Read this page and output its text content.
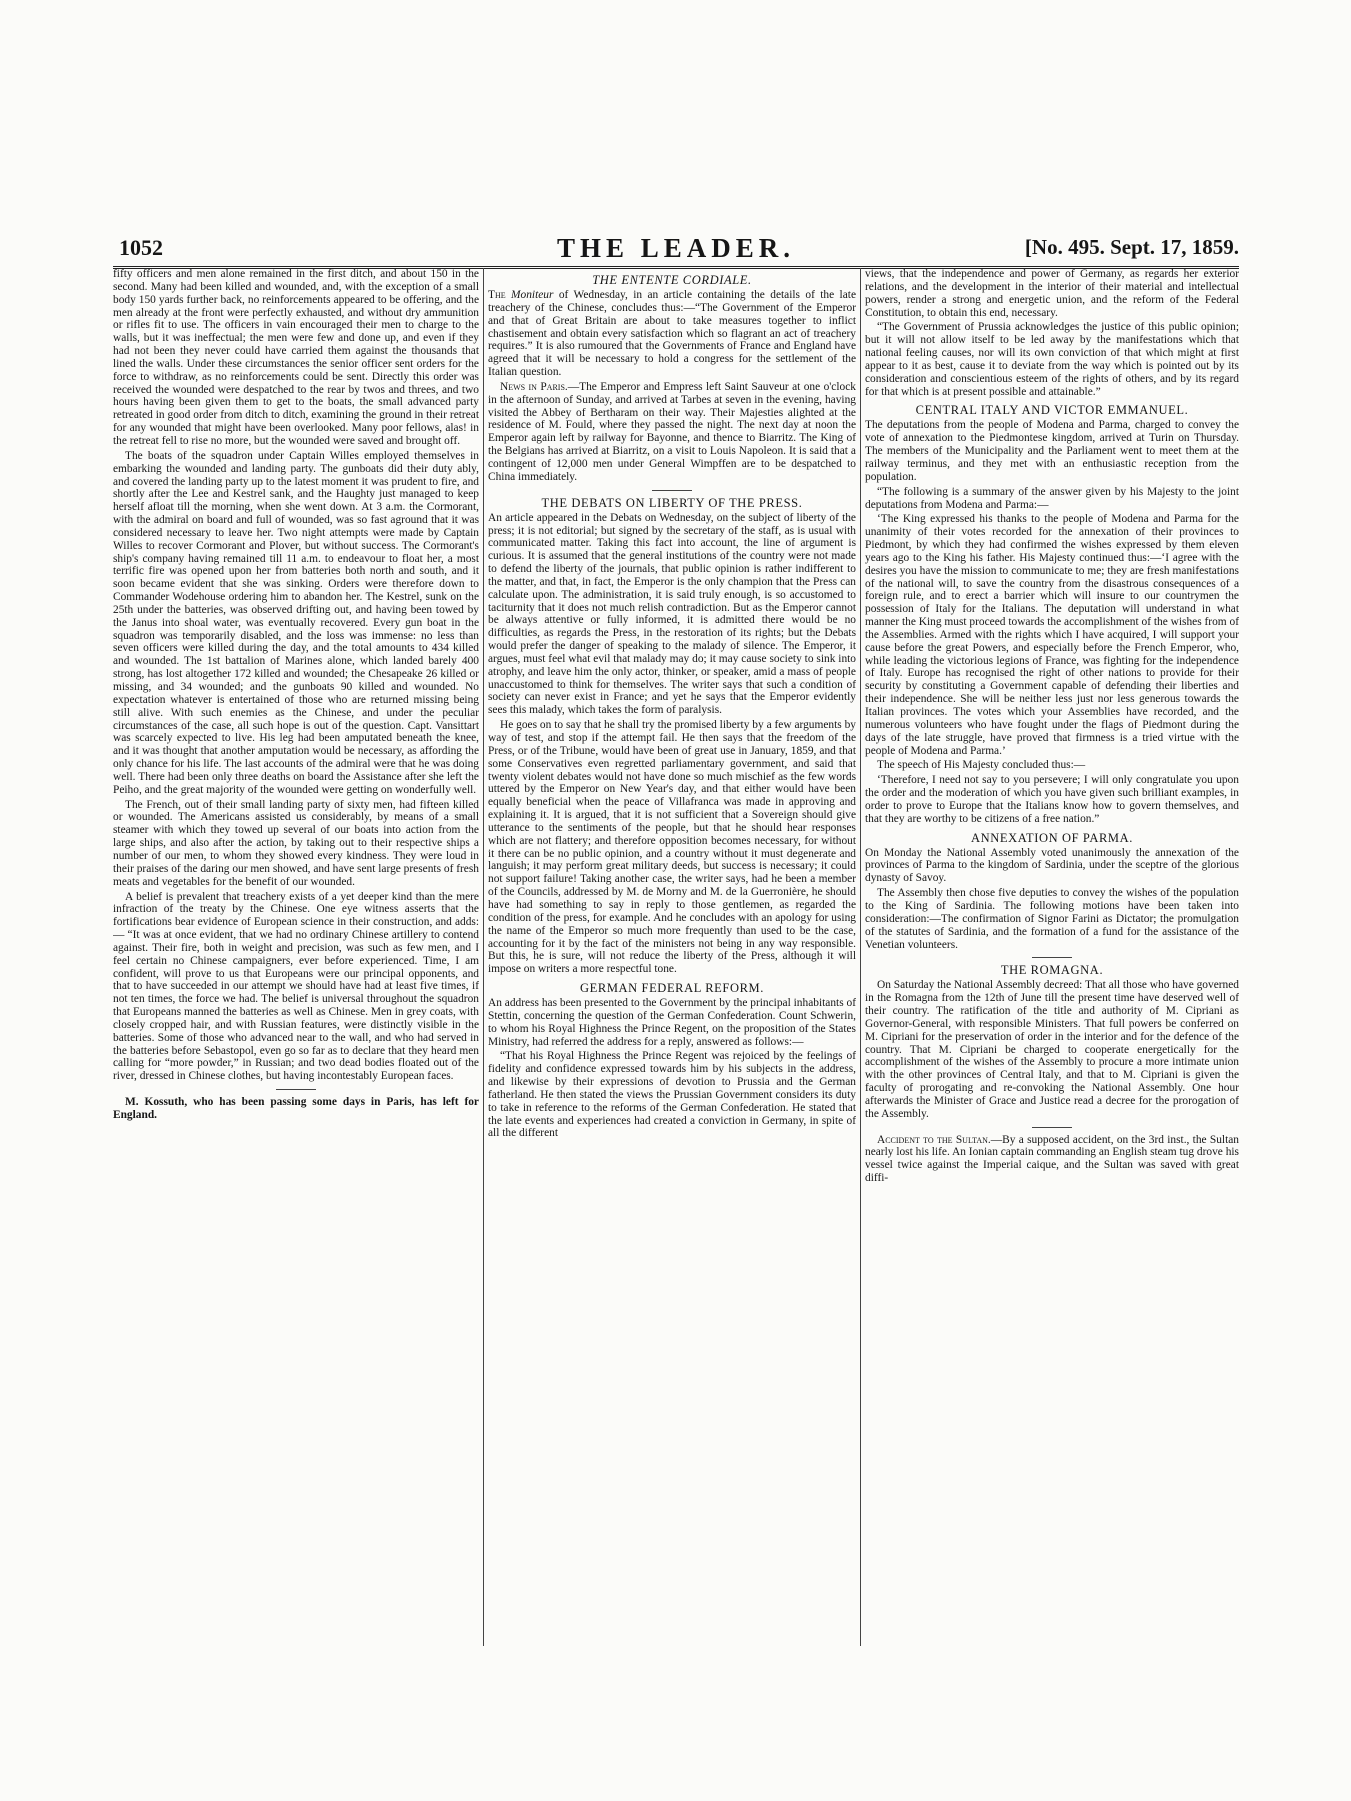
1052	THE LEADER.	[No. 495. Sept. 17, 1859.

fifty officers and men alone remained in the first ditch, and about 150 in the second. Many had been killed and wounded, and, with the exception of a small body 150 yards further back, no reinforcements appeared to be offering, and the men already at the front were perfectly exhausted, and without dry ammunition or rifles fit to use. The officers in vain encouraged their men to charge to the walls, but it was ineffectual; the men were few and done up, and even if they had not been they never could have carried them against the thousands that lined the walls. Under these circumstances the senior officer sent orders for the force to withdraw, as no reinforcements could be sent. Directly this order was received the wounded were despatched to the rear by twos and threes, and two hours having been given them to get to the boats, the small advanced party retreated in good order from ditch to ditch, examining the ground in their retreat for any wounded that might have been overlooked. Many poor fellows, alas! in the retreat fell to rise no more, but the wounded were saved and brought off.

The boats of the squadron under Captain Willes employed themselves in embarking the wounded and landing party. The gunboats did their duty ably, and covered the landing party up to the latest moment it was prudent to fire, and shortly after the Lee and Kestrel sank, and the Haughty just managed to keep herself afloat till the morning, when she went down. At 3 a.m. the Cormorant, with the admiral on board and full of wounded, was so fast aground that it was considered necessary to leave her. Two night attempts were made by Captain Willes to recover Cormorant and Plover, but without success. The Cormorant's ship's company having remained till 11 a.m. to endeavour to float her, a most terrific fire was opened upon her from batteries both north and south, and it soon became evident that she was sinking. Orders were therefore down to Commander Wodehouse ordering him to abandon her. The Kestrel, sunk on the 25th under the batteries, was observed drifting out, and having been towed by the Janus into shoal water, was eventually recovered. Every gun boat in the squadron was temporarily disabled, and the loss was immense: no less than seven officers were killed during the day, and the total amounts to 434 killed and wounded. The 1st battalion of Marines alone, which landed barely 400 strong, has lost altogether 172 killed and wounded; the Chesapeake 26 killed or missing, and 34 wounded; and the gunboats 90 killed and wounded. No expectation whatever is entertained of those who are returned missing being still alive. With such enemies as the Chinese, and under the peculiar circumstances of the case, all such hope is out of the question. Capt. Vansittart was scarcely expected to live. His leg had been amputated beneath the knee, and it was thought that another amputation would be necessary, as affording the only chance for his life. The last accounts of the admiral were that he was doing well. There had been only three deaths on board the Assistance after she left the Peiho, and the great majority of the wounded were getting on wonderfully well.

The French, out of their small landing party of sixty men, had fifteen killed or wounded. The Americans assisted us considerably, by means of a small steamer with which they towed up several of our boats into action from the large ships, and also after the action, by taking out to their respective ships a number of our men, to whom they showed every kindness. They were loud in their praises of the daring our men showed, and have sent large presents of fresh meats and vegetables for the benefit of our wounded.

A belief is prevalent that treachery exists of a yet deeper kind than the mere infraction of the treaty by the Chinese. One eye witness asserts that the fortifications bear evidence of European science in their construction, and adds:— “It was at once evident, that we had no ordinary Chinese artillery to contend against. Their fire, both in weight and precision, was such as few men, and I feel certain no Chinese campaigners, ever before experienced. Time, I am confident, will prove to us that Europeans were our principal opponents, and that to have succeeded in our attempt we should have had at least five times, if not ten times, the force we had. The belief is universal throughout the squadron that Europeans manned the batteries as well as Chinese. Men in grey coats, with closely cropped hair, and with Russian features, were distinctly visible in the batteries. Some of those who advanced near to the wall, and who had served in the batteries before Sebastopol, even go so far as to declare that they heard men calling for “more powder,” in Russian; and two dead bodies floated out of the river, dressed in Chinese clothes, but having incontestably European faces.

M. Kossuth, who has been passing some days in Paris, has left for England.

THE ENTENTE CORDIALE.

The Moniteur of Wednesday, in an article containing the details of the late treachery of the Chinese, concludes thus:—“The Government of the Emperor and that of Great Britain are about to take measures together to inflict chastisement and obtain every satisfaction which so flagrant an act of treachery requires.” It is also rumoured that the Governments of France and England have agreed that it will be necessary to hold a congress for the settlement of the Italian question.

News in Paris.—The Emperor and Empress left Saint Sauveur at one o'clock in the afternoon of Sunday, and arrived at Tarbes at seven in the evening, having visited the Abbey of Bertharam on their way. Their Majesties alighted at the residence of M. Fould, where they passed the night. The next day at noon the Emperor again left by railway for Bayonne, and thence to Biarritz. The King of the Belgians has arrived at Biarritz, on a visit to Louis Napoleon. It is said that a contingent of 12,000 men under General Wimpffen are to be despatched to China immediately.

THE DEBATS ON LIBERTY OF THE PRESS.

An article appeared in the Debats on Wednesday, on the subject of liberty of the press; it is not editorial; but signed by the secretary of the staff, as is usual with communicated matter. Taking this fact into account, the line of argument is curious. It is assumed that the general institutions of the country were not made to defend the liberty of the journals, that public opinion is rather indifferent to the matter, and that, in fact, the Emperor is the only champion that the Press can calculate upon. The administration, it is said truly enough, is so accustomed to taciturnity that it does not much relish contradiction. But as the Emperor cannot be always attentive or fully informed, it is admitted there would be no difficulties, as regards the Press, in the restoration of its rights; but the Debats would prefer the danger of speaking to the malady of silence. The Emperor, it argues, must feel what evil that malady may do; it may cause society to sink into atrophy, and leave him the only actor, thinker, or speaker, amid a mass of people unaccustomed to think for themselves. The writer says that such a condition of society can never exist in France; and yet he says that the Emperor evidently sees this malady, which takes the form of paralysis.

He goes on to say that he shall try the promised liberty by a few arguments by way of test, and stop if the attempt fail. He then says that the freedom of the Press, or of the Tribune, would have been of great use in January, 1859, and that some Conservatives even regretted parliamentary government, and said that twenty violent debates would not have done so much mischief as the few words uttered by the Emperor on New Year's day, and that either would have been equally beneficial when the peace of Villafranca was made in approving and explaining it. It is argued, that it is not sufficient that a Sovereign should give utterance to the sentiments of the people, but that he should hear responses which are not flattery; and therefore opposition becomes necessary, for without it there can be no public opinion, and a country without it must degenerate and languish; it may perform great military deeds, but success is necessary; it could not support failure! Taking another case, the writer says, had he been a member of the Councils, addressed by M. de Morny and M. de la Guerronière, he should have had something to say in reply to those gentlemen, as regarded the condition of the press, for example. And he concludes with an apology for using the name of the Emperor so much more frequently than used to be the case, accounting for it by the fact of the ministers not being in any way responsible. But this, he is sure, will not reduce the liberty of the Press, although it will impose on writers a more respectful tone.

GERMAN FEDERAL REFORM.

An address has been presented to the Government by the principal inhabitants of Stettin, concerning the question of the German Confederation. Count Schwerin, to whom his Royal Highness the Prince Regent, on the proposition of the States Ministry, had referred the address for a reply, answered as follows:—

“That his Royal Highness the Prince Regent was rejoiced by the feelings of fidelity and confidence expressed towards him by his subjects in the address, and likewise by their expressions of devotion to Prussia and the German fatherland. He then stated the views the Prussian Government considers its duty to take in reference to the reforms of the German Confederation. He stated that the late events and experiences had created a conviction in Germany, in spite of all the different

views, that the independence and power of Germany, as regards her exterior relations, and the development in the interior of their material and intellectual powers, render a strong and energetic union, and the reform of the Federal Constitution, to obtain this end, necessary.

“The Government of Prussia acknowledges the justice of this public opinion; but it will not allow itself to be led away by the manifestations which that national feeling causes, nor will its own conviction of that which might at first appear to it as best, cause it to deviate from the way which is pointed out by its consideration and conscientious esteem of the rights of others, and by its regard for that which is at present possible and attainable.”

CENTRAL ITALY AND VICTOR EMMANUEL.

The deputations from the people of Modena and Parma, charged to convey the vote of annexation to the Piedmontese kingdom, arrived at Turin on Thursday. The members of the Municipality and the Parliament went to meet them at the railway terminus, and they met with an enthusiastic reception from the population.

“The following is a summary of the answer given by his Majesty to the joint deputations from Modena and Parma:—

‘The King expressed his thanks to the people of Modena and Parma for the unanimity of their votes recorded for the annexation of their provinces to Piedmont, by which they had confirmed the wishes expressed by them eleven years ago to the King his father. His Majesty continued thus:—‘I agree with the desires you have the mission to communicate to me; they are fresh manifestations of the national will, to save the country from the disastrous consequences of a foreign rule, and to erect a barrier which will insure to our countrymen the possession of Italy for the Italians. The deputation will understand in what manner the King must proceed towards the accomplishment of the wishes from of the Assemblies. Armed with the rights which I have acquired, I will support your cause before the great Powers, and especially before the French Emperor, who, while leading the victorious legions of France, was fighting for the independence of Italy. Europe has recognised the right of other nations to provide for their security by constituting a Government capable of defending their liberties and their independence. She will be neither less just nor less generous towards the Italian provinces. The votes which your Assemblies have recorded, and the numerous volunteers who have fought under the flags of Piedmont during the days of the late struggle, have proved that firmness is a tried virtue with the people of Modena and Parma.’

The speech of His Majesty concluded thus:—

‘Therefore, I need not say to you persevere; I will only congratulate you upon the order and the moderation of which you have given such brilliant examples, in order to prove to Europe that the Italians know how to govern themselves, and that they are worthy to be citizens of a free nation.”

ANNEXATION OF PARMA.

On Monday the National Assembly voted unanimously the annexation of the provinces of Parma to the kingdom of Sardinia, under the sceptre of the glorious dynasty of Savoy.

The Assembly then chose five deputies to convey the wishes of the population to the King of Sardinia. The following motions have been taken into consideration:—The confirmation of Signor Farini as Dictator; the promulgation of the statutes of Sardinia, and the formation of a fund for the assistance of the Venetian volunteers.

THE ROMAGNA.

On Saturday the National Assembly decreed: That all those who have governed in the Romagna from the 12th of June till the present time have deserved well of their country. The ratification of the title and authority of M. Cipriani as Governor-General, with responsible Ministers. That full powers be conferred on M. Cipriani for the preservation of order in the interior and for the defence of the country. That M. Cipriani be charged to cooperate energetically for the accomplishment of the wishes of the Assembly to procure a more intimate union with the other provinces of Central Italy, and that to M. Cipriani is given the faculty of prorogating and re-convoking the National Assembly. One hour afterwards the Minister of Grace and Justice read a decree for the prorogation of the Assembly.

Accident to the Sultan.—By a supposed accident, on the 3rd inst., the Sultan nearly lost his life. An Ionian captain commanding an English steam tug drove his vessel twice against the Imperial caique, and the Sultan was saved with great diffi-
